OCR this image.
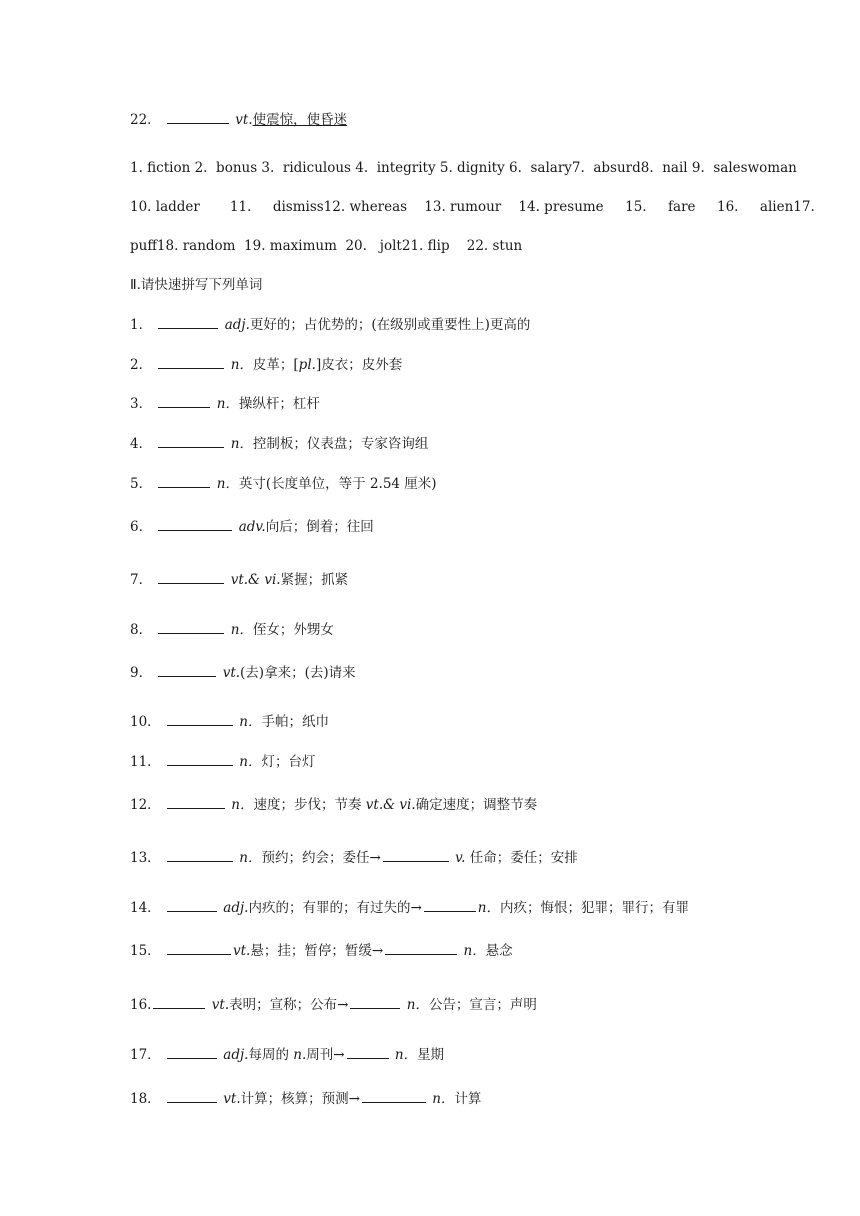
22．	vt.使震惊，使昏迷
1. fiction 2.  bonus 3.  ridiculous 4.  integrity 5. dignity 6.  salary7.  absurd8.  nail 9.  saleswoman
10. ladder       11.     dismiss12. whereas    13. rumour    14. presume     15.     fare     16.     alien17.
puff18. random  19. maximum  20.   jolt21. flip    22. stun
Ⅱ.请快速拼写下列单词
1．	adj.更好的；占优势的；(在级别或重要性上)更高的
2．	n．皮革；[pl.]皮衣；皮外套
3．	n．操纵杆；杠杆
4．	n．控制板；仪表盘；专家咨询组
5．	n．英寸(长度单位，等于 2.54 厘米)
6．	adv.向后；倒着；往回
7．	vt.& vi.紧握；抓紧
8．	n．侄女；外甥女
9．	vt.(去)拿来；(去)请来
10．	n．手帕；纸巾
11．	n．灯；台灯
12．	n．速度；步伐；节奏 vt.& vi.确定速度；调整节奏
13．	n．预约；约会；委任→	v. 任命；委任；安排
14．	adj.内疚的；有罪的；有过失的→	n．内疚；悔恨；犯罪；罪行；有罪
15．	vt.悬；挂；暂停；暂缓→	n．悬念
16.	vt.表明；宣称；公布→	n．公告；宣言；声明
17．	adj.每周的 n.周刊→	n．星期
18．	vt.计算；核算；预测→	n．计算
